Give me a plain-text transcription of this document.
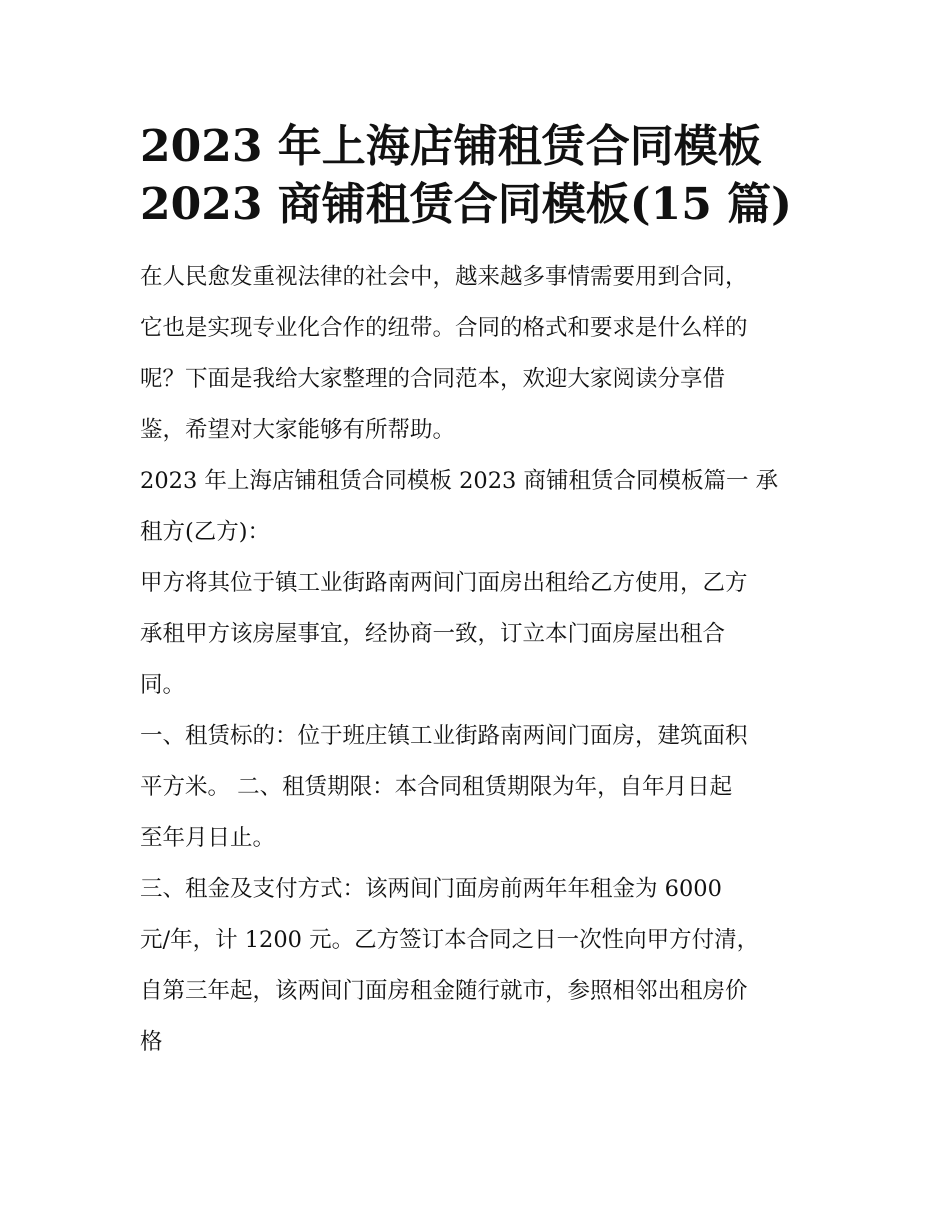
2023 年上海店铺租赁合同模板
2023 商铺租赁合同模板(15 篇)
在人民愈发重视法律的社会中，越来越多事情需要用到合同，
它也是实现专业化合作的纽带。合同的格式和要求是什么样的
呢？下面是我给大家整理的合同范本，欢迎大家阅读分享借
鉴，希望对大家能够有所帮助。
2023 年上海店铺租赁合同模板 2023 商铺租赁合同模板篇一 承
租方(乙方)：
甲方将其位于镇工业街路南两间门面房出租给乙方使用，乙方
承租甲方该房屋事宜，经协商一致，订立本门面房屋出租合
同。
一、租赁标的：位于班庄镇工业街路南两间门面房，建筑面积
平方米。 二、租赁期限：本合同租赁期限为年，自年月日起
至年月日止。
三、租金及支付方式：该两间门面房前两年年租金为 6000
元/年，计 1200 元。乙方签订本合同之日一次性向甲方付清，
自第三年起，该两间门面房租金随行就市，参照相邻出租房价
格
